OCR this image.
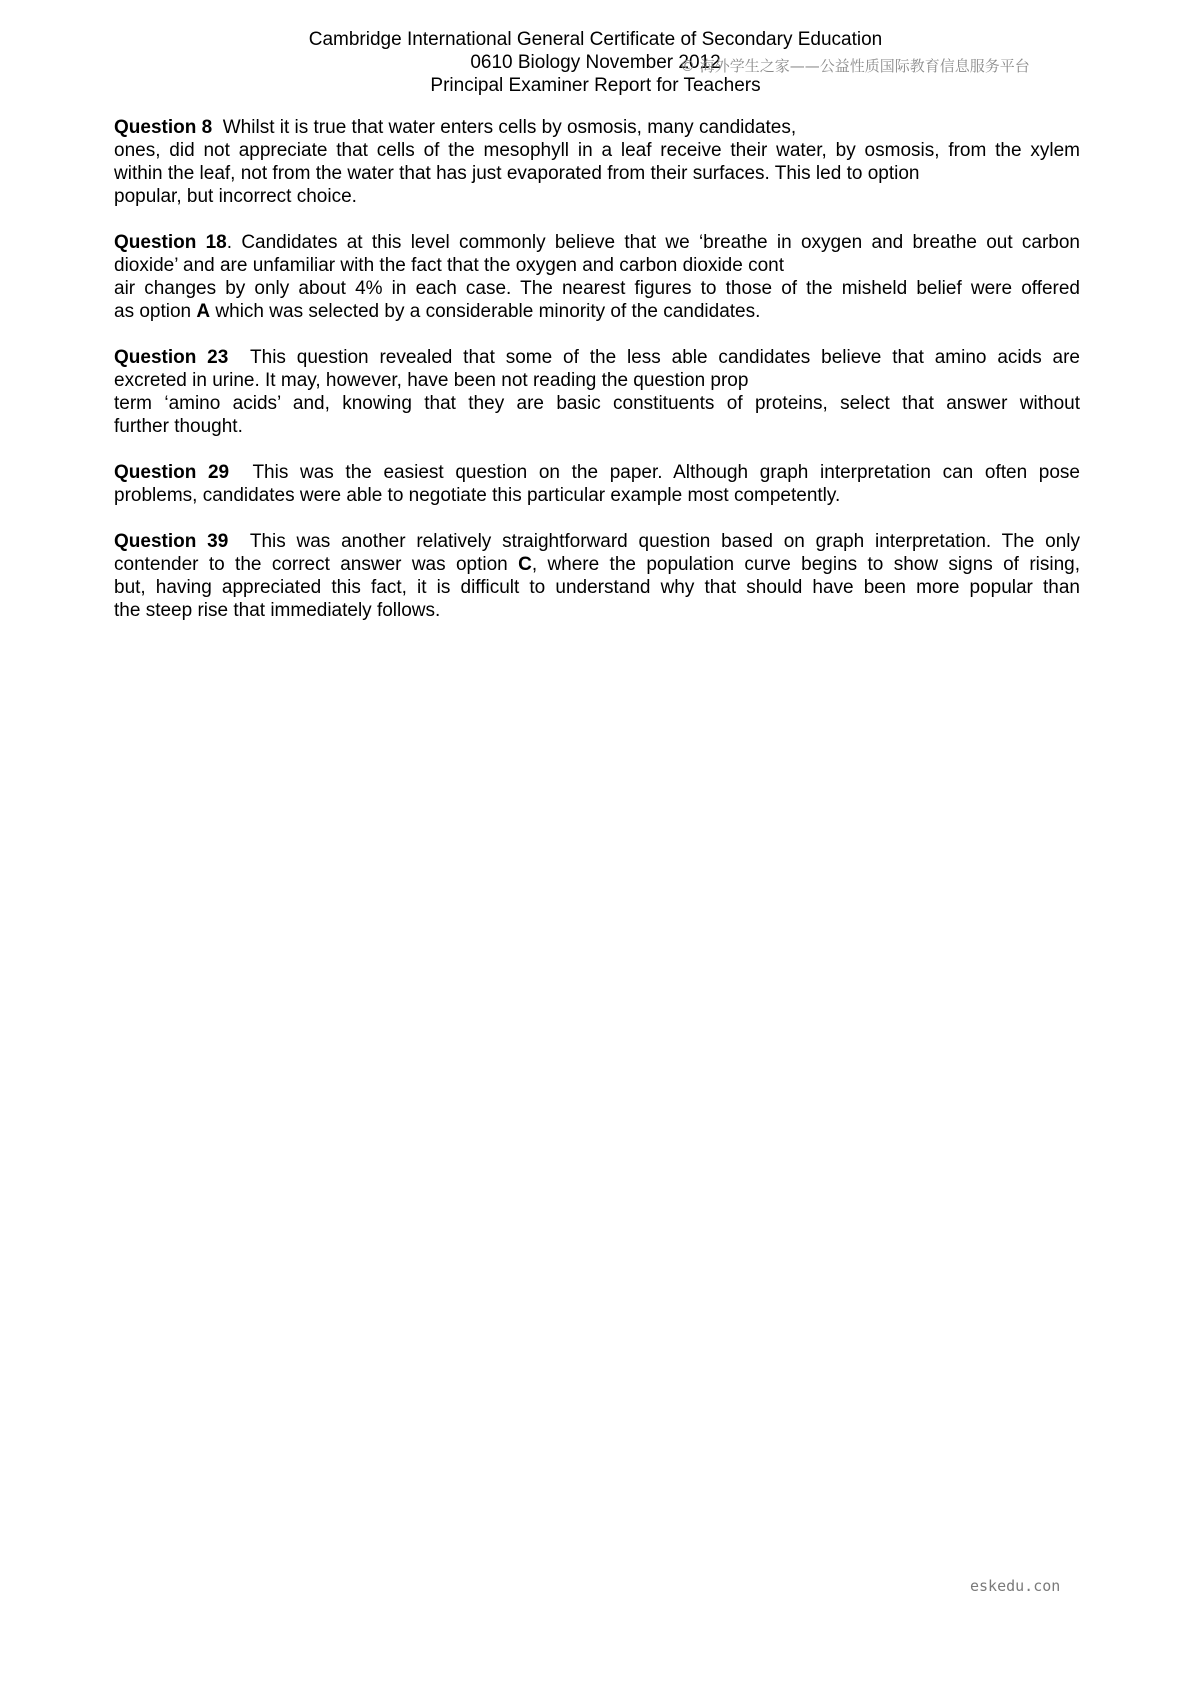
Cambridge International General Certificate of Secondary Education
0610 Biology November 2012
Principal Examiner Report for Teachers
© 海外学生之家——公益性质国际教育信息服务平台
Question 8 Whilst it is true that water enters cells by osmosis, many candidates,
ones, did not appreciate that cells of the mesophyll in a leaf receive their water, by osmosis, from the xylem
within the leaf, not from the water that has just evaporated from their surfaces. This led to option
popular, but incorrect choice.
Question 18. Candidates at this level commonly believe that we ‘breathe in oxygen and breathe out carbon
dioxide’ and are unfamiliar with the fact that the oxygen and carbon dioxide cont
air changes by only about 4% in each case. The nearest figures to those of the misheld belief were offered
as option A which was selected by a considerable minority of the candidates.
Question 23 This question revealed that some of the less able candidates believe that amino acids are
excreted in urine. It may, however, have been not reading the question prop
term ‘amino acids’ and, knowing that they are basic constituents of proteins, select that answer without
further thought.
Question 29 This was the easiest question on the paper. Although graph interpretation can often pose
problems, candidates were able to negotiate this particular example most competently.
Question 39 This was another relatively straightforward question based on graph interpretation. The only
contender to the correct answer was option C, where the population curve begins to show signs of rising,
but, having appreciated this fact, it is difficult to understand why that should have been more popular than
the steep rise that immediately follows.
eskedu.con
